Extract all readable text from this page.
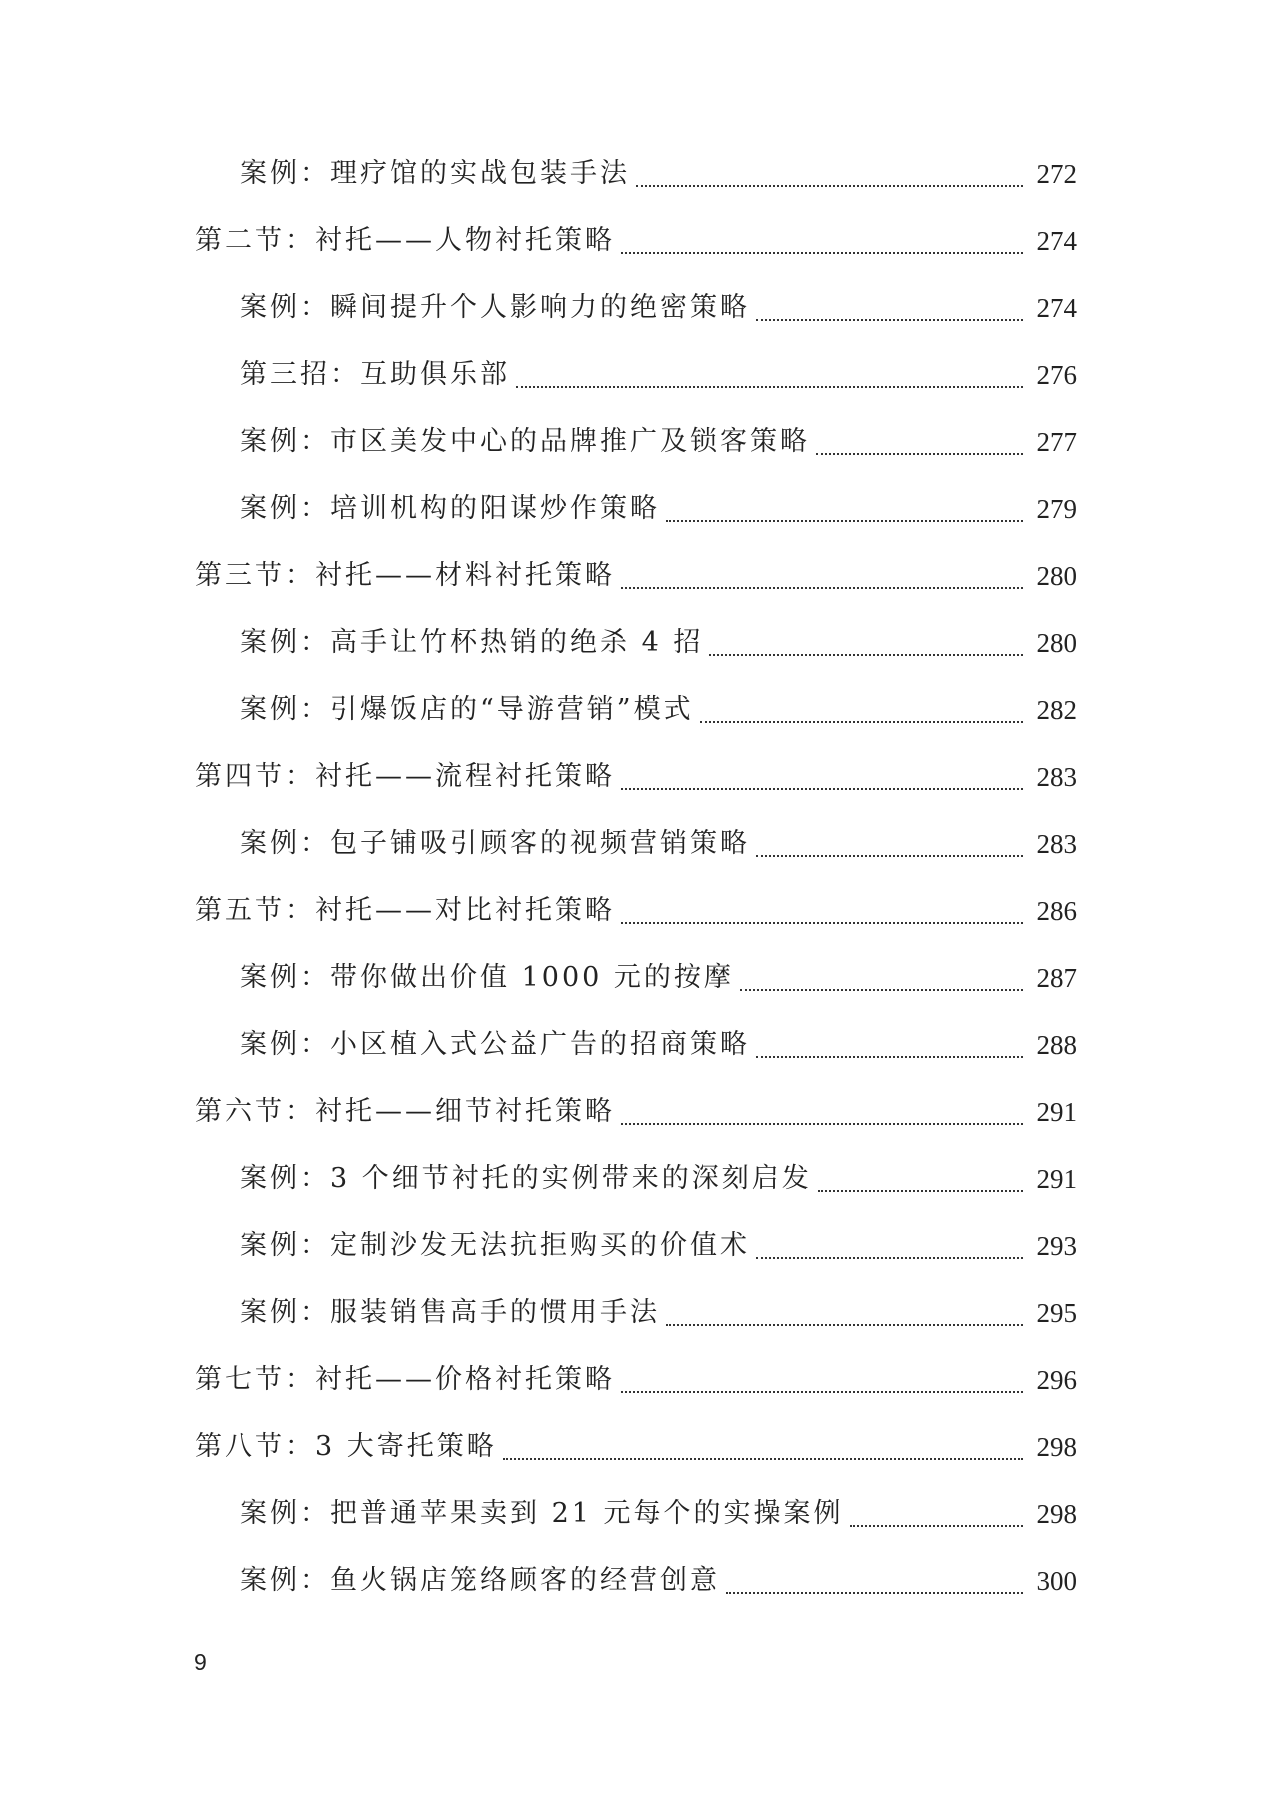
案例：理疗馆的实战包装手法	272
第二节：衬托——人物衬托策略	274
案例：瞬间提升个人影响力的绝密策略	274
第三招：互助俱乐部	276
案例：市区美发中心的品牌推广及锁客策略	277
案例：培训机构的阳谋炒作策略	279
第三节：衬托——材料衬托策略	280
案例：高手让竹杯热销的绝杀 4 招	280
案例：引爆饭店的“导游营销”模式	282
第四节：衬托——流程衬托策略	283
案例：包子铺吸引顾客的视频营销策略	283
第五节：衬托——对比衬托策略	286
案例：带你做出价值 1000 元的按摩	287
案例：小区植入式公益广告的招商策略	288
第六节：衬托——细节衬托策略	291
案例：3 个细节衬托的实例带来的深刻启发	291
案例：定制沙发无法抗拒购买的价值术	293
案例：服装销售高手的惯用手法	295
第七节：衬托——价格衬托策略	296
第八节：3 大寄托策略	298
案例：把普通苹果卖到 21 元每个的实操案例	298
案例：鱼火锅店笼络顾客的经营创意	300
9
